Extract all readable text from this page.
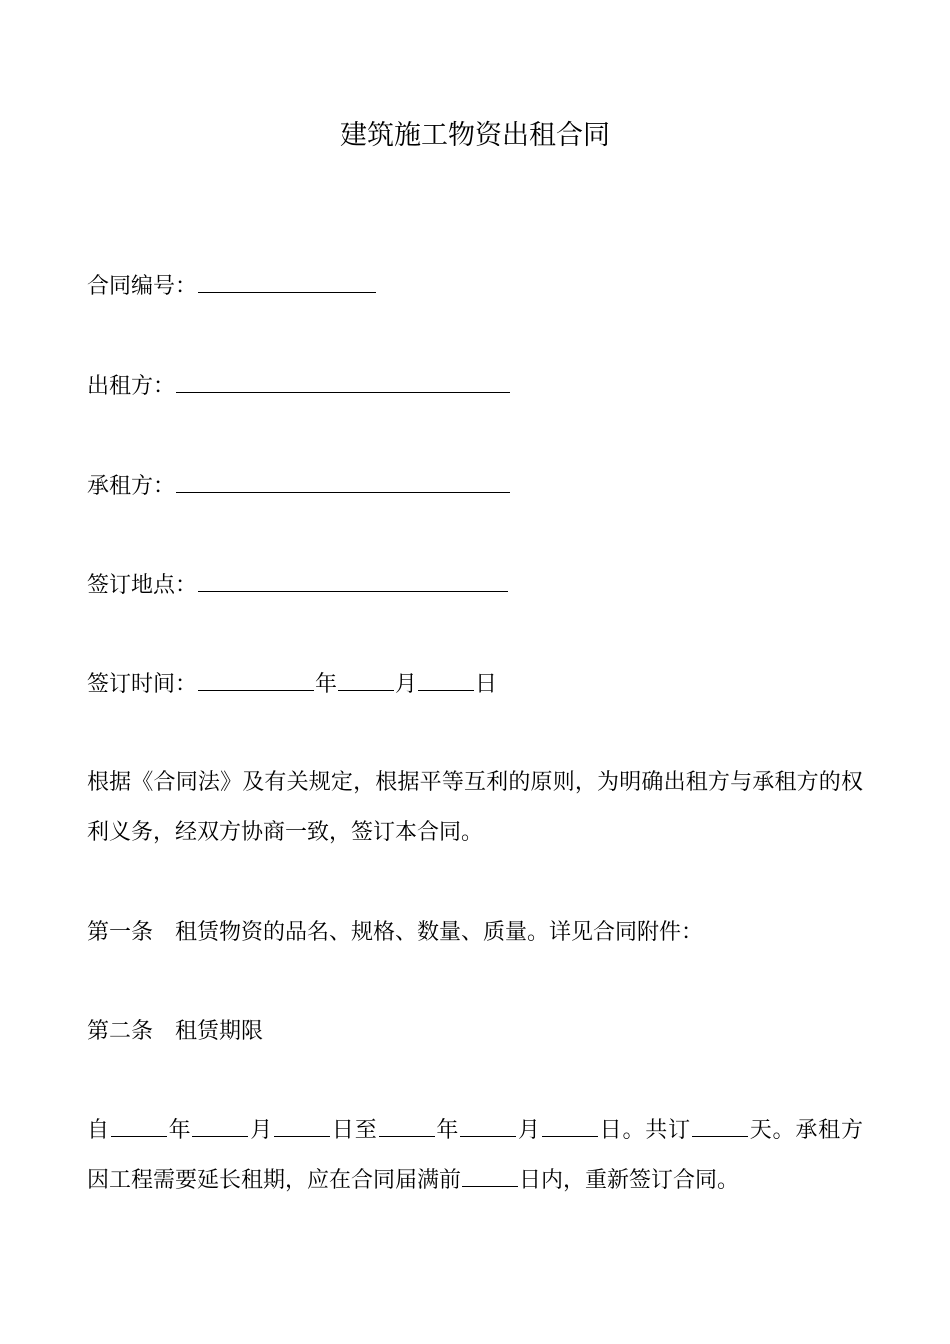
建筑施工物资出租合同
合同编号：
出租方：
承租方：
签订地点：
签订时间：	年	月	日
根据《合同法》及有关规定，根据平等互利的原则，为明确出租方与承租方的权利义务，经双方协商一致，签订本合同。
第一条 租赁物资的品名、规格、数量、质量。详见合同附件：
第二条 租赁期限
自	年	月	日至	年	月	日。共订	天。承租方因工程需要延长租期，应在合同届满前	日内，重新签订合同。
